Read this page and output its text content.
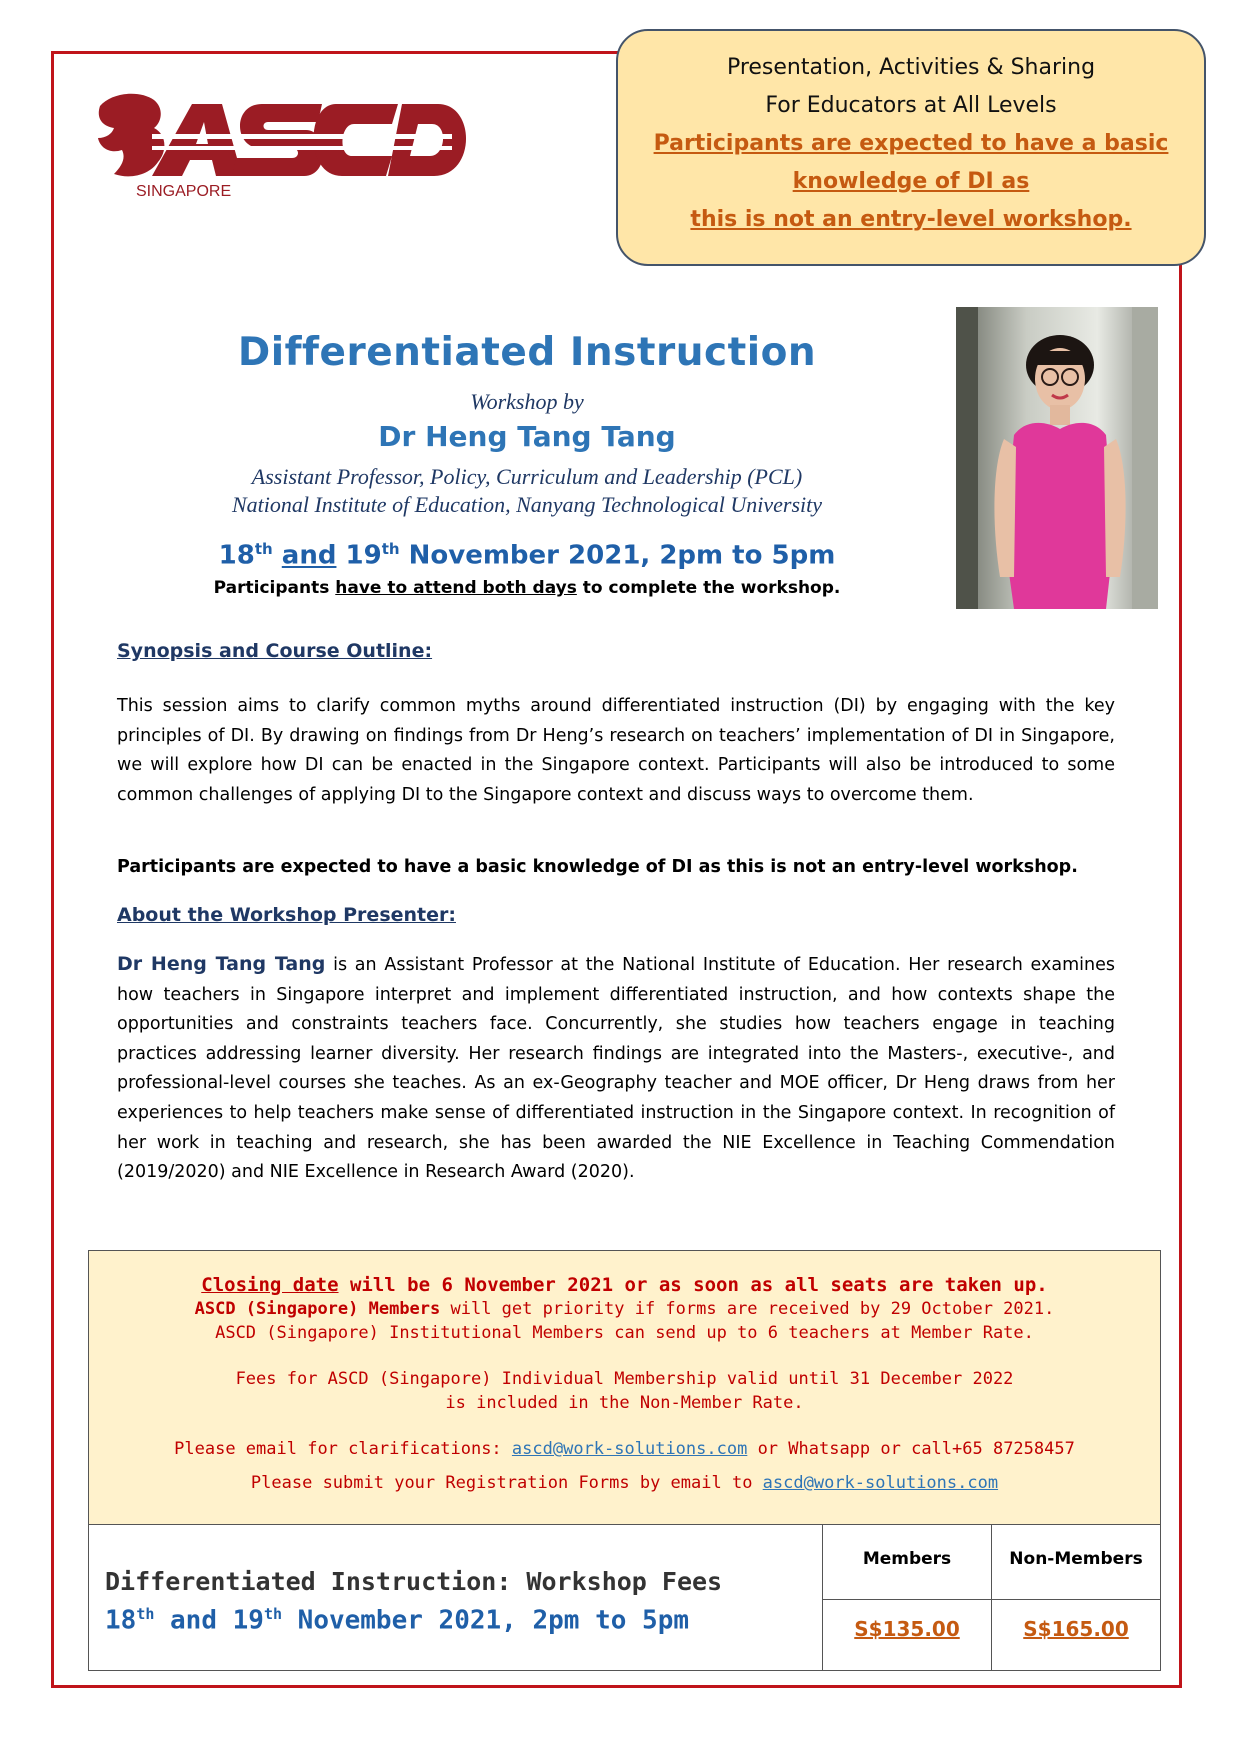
SINGAPORE
Presentation, Activities & Sharing
For Educators at All Levels
Participants are expected to have a basic
knowledge of DI as
this is not an entry-level workshop.
Differentiated Instruction
Workshop by
Dr Heng Tang Tang
Assistant Professor, Policy, Curriculum and Leadership (PCL)
National Institute of Education, Nanyang Technological University
18th and 19th November 2021, 2pm to 5pm
Participants have to attend both days to complete the workshop.
Synopsis and Course Outline:
This session aims to clarify common myths around differentiated instruction (DI) by engaging with the key principles of DI. By drawing on findings from Dr Heng’s research on teachers’ implementation of DI in Singapore, we will explore how DI can be enacted in the Singapore context. Participants will also be introduced to some common challenges of applying DI to the Singapore context and discuss ways to overcome them.
Participants are expected to have a basic knowledge of DI as this is not an entry-level workshop.
About the Workshop Presenter:
Dr Heng Tang Tang is an Assistant Professor at the National Institute of Education. Her research examines how teachers in Singapore interpret and implement differentiated instruction, and how contexts shape the opportunities and constraints teachers face. Concurrently, she studies how teachers engage in teaching practices addressing learner diversity. Her research findings are integrated into the Masters-, executive-, and professional-level courses she teaches. As an ex-Geography teacher and MOE officer, Dr Heng draws from her experiences to help teachers make sense of differentiated instruction in the Singapore context. In recognition of her work in teaching and research, she has been awarded the NIE Excellence in Teaching Commendation (2019/2020) and NIE Excellence in Research Award (2020).
Closing date will be 6 November 2021 or as soon as all seats are taken up.
ASCD (Singapore) Members will get priority if forms are received by 29 October 2021.
ASCD (Singapore) Institutional Members can send up to 6 teachers at Member Rate.
Fees for ASCD (Singapore) Individual Membership valid until 31 December 2022
is included in the Non-Member Rate.
Please email for clarifications: ascd@work-solutions.com or Whatsapp or call+65 87258457
Please submit your Registration Forms by email to ascd@work-solutions.com
Differentiated Instruction: Workshop Fees
18th and 19th November 2021, 2pm to 5pm
Members	Non-Members
S$135.00	S$165.00
